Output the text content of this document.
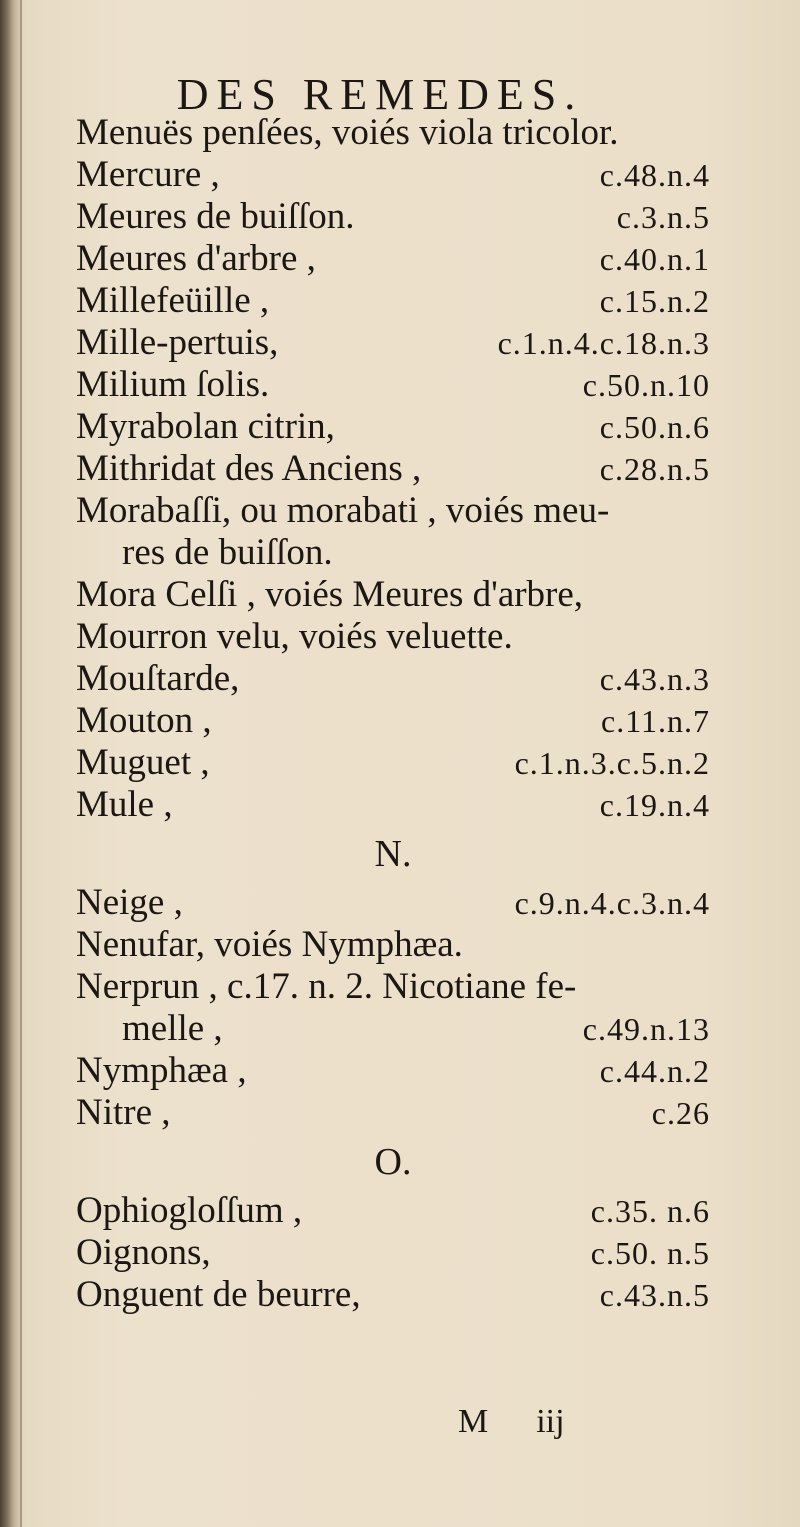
DES REMEDES.
Menuës penſées, voiés viola tricolor.
Mercure ,	c.48.n.4
Meures de buiſſon.	c.3.n.5
Meures d'arbre ,	c.40.n.1
Millefeüille ,	c.15.n.2
Mille-pertuis,	c.1.n.4.c.18.n.3
Milium ſolis.	c.50.n.10
Myrabolan citrin,	c.50.n.6
Mithridat des Anciens ,	c.28.n.5
Morabaſſi, ou morabati , voiés meu-
res de buiſſon.
Mora Celſi , voiés Meures d'arbre,
Mourron velu, voiés veluette.
Mouſtarde,	c.43.n.3
Mouton ,	c.11.n.7
Muguet ,	c.1.n.3.c.5.n.2
Mule ,	c.19.n.4
N.
Neige ,	c.9.n.4.c.3.n.4
Nenufar, voiés Nymphæa.
Nerprun , c.17. n. 2. Nicotiane fe-
melle ,	c.49.n.13
Nymphæa ,	c.44.n.2
Nitre ,	c.26
O.
Ophiogloſſum ,	c.35. n.6
Oignons,	c.50. n.5
Onguent de beurre,	c.43.n.5
M iij
